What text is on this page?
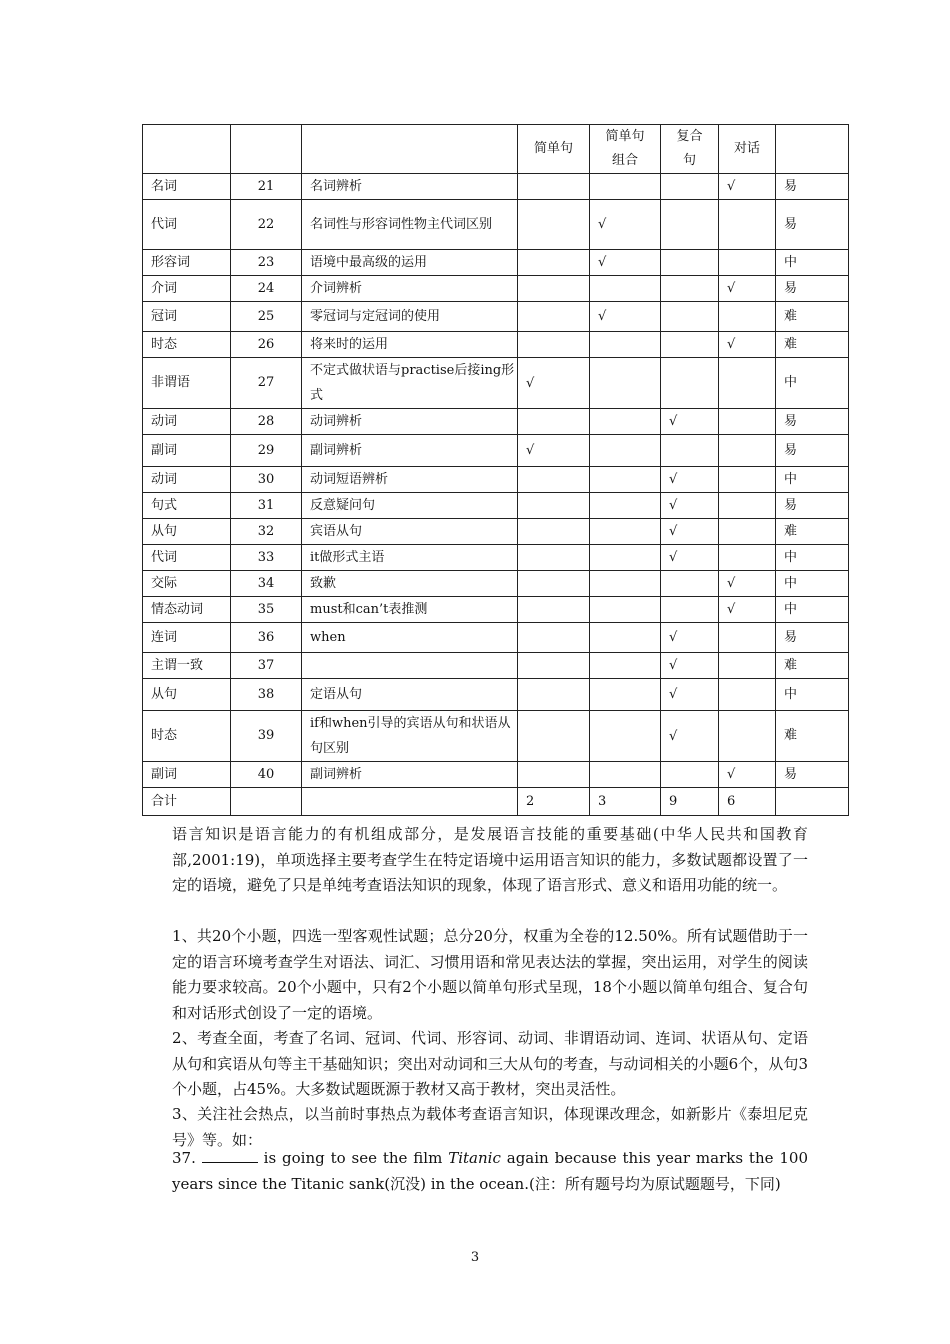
			简单句	简单句组合	复合句	对话	
名词	21	名词辨析				√	易
代词	22	名词性与形容词性物主代词区别		√			易
形容词	23	语境中最高级的运用		√			中
介词	24	介词辨析				√	易
冠词	25	零冠词与定冠词的使用		√			难
时态	26	将来时的运用				√	难
非谓语	27	不定式做状语与practise后接ing形式	√				中
动词	28	动词辨析			√		易
副词	29	副词辨析	√				易
动词	30	动词短语辨析			√		中
句式	31	反意疑问句			√		易
从句	32	宾语从句			√		难
代词	33	it做形式主语			√		中
交际	34	致歉				√	中
情态动词	35	must和can’t表推测				√	中
连词	36	when			√		易
主谓一致	37				√		难
从句	38	定语从句			√		中
时态	39	if和when引导的宾语从句和状语从句区别			√		难
副词	40	副词辨析				√	易
合计			2	3	9	6	
语言知识是语言能力的有机组成部分，是发展语言技能的重要基础(中华人民共和国教育部,2001:19)，单项选择主要考查学生在特定语境中运用语言知识的能力，多数试题都设置了一定的语境，避免了只是单纯考查语法知识的现象，体现了语言形式、意义和语用功能的统一。
1、共20个小题，四选一型客观性试题；总分20分，权重为全卷的12.50%。所有试题借助于一定的语言环境考查学生对语法、词汇、习惯用语和常见表达法的掌握，突出运用，对学生的阅读能力要求较高。20个小题中，只有2个小题以简单句形式呈现，18个小题以简单句组合、复合句和对话形式创设了一定的语境。
2、考查全面，考查了名词、冠词、代词、形容词、动词、非谓语动词、连词、状语从句、定语从句和宾语从句等主干基础知识；突出对动词和三大从句的考查，与动词相关的小题6个，从句3个小题，占45%。大多数试题既源于教材又高于教材，突出灵活性。
3、关注社会热点，以当前时事热点为载体考查语言知识，体现课改理念，如新影片《泰坦尼克号》等。如：
37.	is going to see the film Titanic again because this year marks the 100 years since the Titanic sank(沉没) in the ocean.(注：所有题号均为原试题题号，下同)
3
